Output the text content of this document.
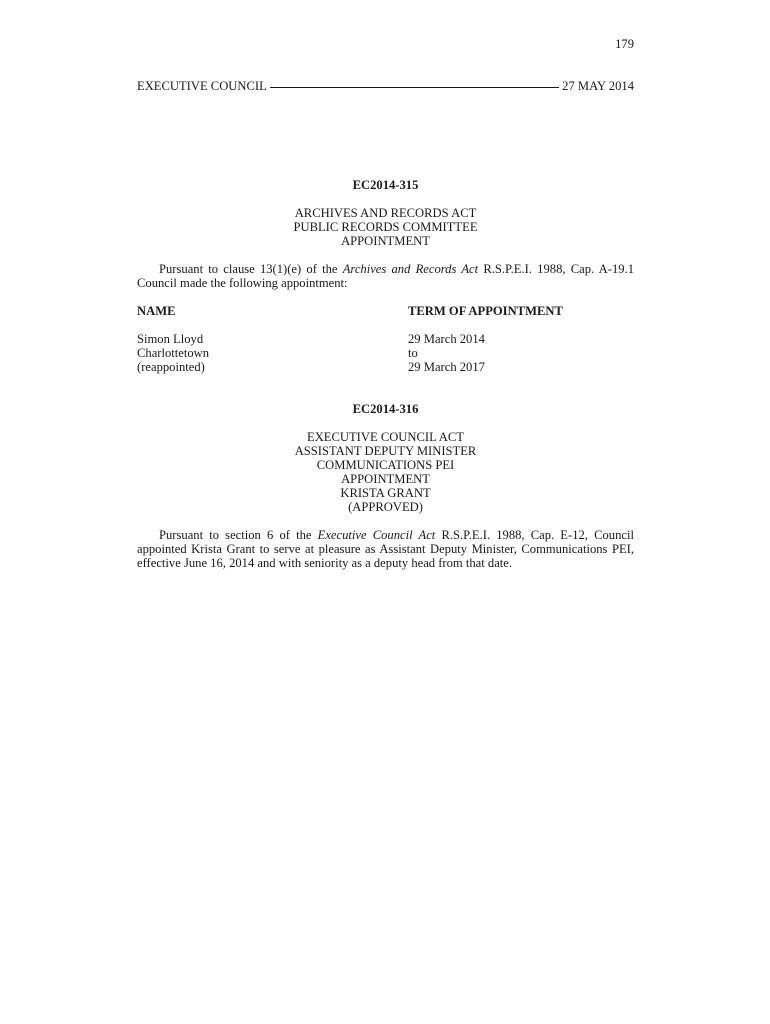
179
EXECUTIVE COUNCIL	27 MAY 2014
EC2014-315
ARCHIVES AND RECORDS ACT
PUBLIC RECORDS COMMITTEE
APPOINTMENT

Pursuant to clause 13(1)(e) of the Archives and Records Act R.S.P.E.I. 1988, Cap. A-19.1 Council made the following appointment:

NAME	TERM OF APPOINTMENT
Simon Lloyd
Charlottetown
(reappointed)
29 March 2014
to
29 March 2017
EC2014-316
EXECUTIVE COUNCIL ACT
ASSISTANT DEPUTY MINISTER
COMMUNICATIONS PEI
APPOINTMENT
KRISTA GRANT
(APPROVED)

Pursuant to section 6 of the Executive Council Act R.S.P.E.I. 1988, Cap. E-12, Council appointed Krista Grant to serve at pleasure as Assistant Deputy Minister, Communications PEI, effective June 16, 2014 and with seniority as a deputy head from that date.
